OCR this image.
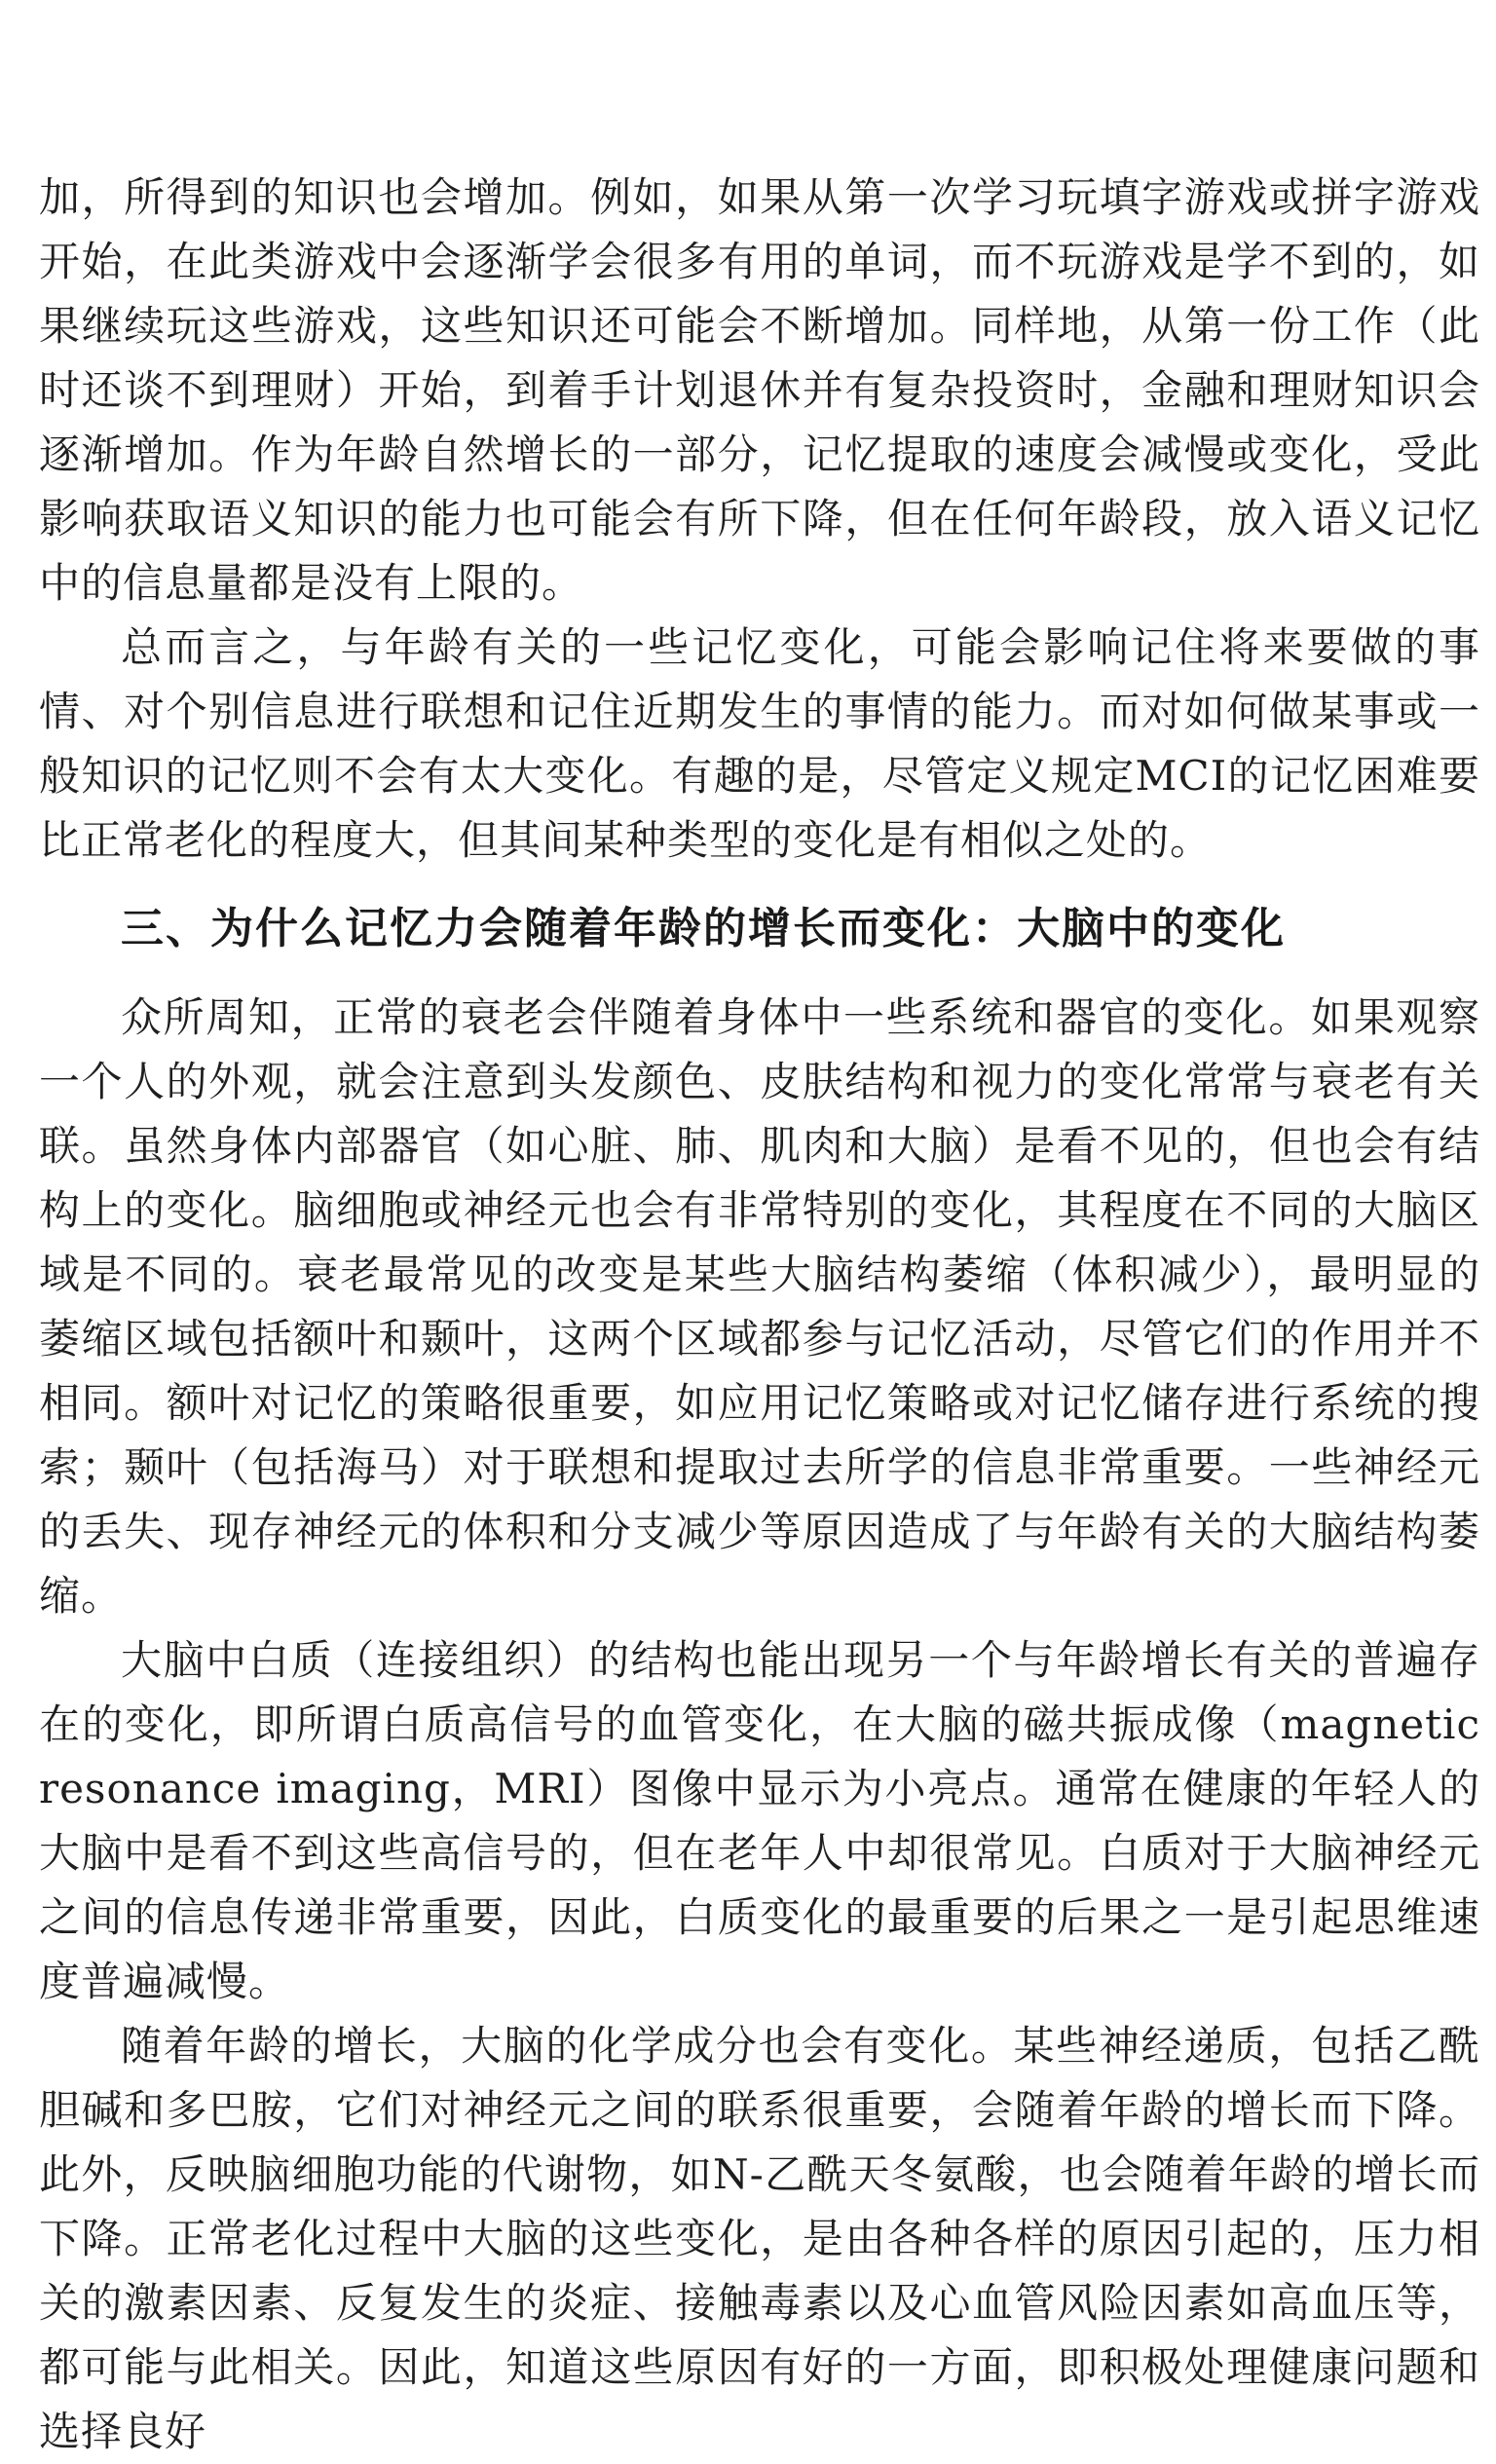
加，所得到的知识也会增加。例如，如果从第一次学习玩填字游戏或拼字游戏开始，在此类游戏中会逐渐学会很多有用的单词，而不玩游戏是学不到的，如果继续玩这些游戏，这些知识还可能会不断增加。同样地，从第一份工作（此时还谈不到理财）开始，到着手计划退休并有复杂投资时，金融和理财知识会逐渐增加。作为年龄自然增长的一部分，记忆提取的速度会减慢或变化，受此影响获取语义知识的能力也可能会有所下降，但在任何年龄段，放入语义记忆中的信息量都是没有上限的。

总而言之，与年龄有关的一些记忆变化，可能会影响记住将来要做的事情、对个别信息进行联想和记住近期发生的事情的能力。而对如何做某事或一般知识的记忆则不会有太大变化。有趣的是，尽管定义规定MCI的记忆困难要比正常老化的程度大，但其间某种类型的变化是有相似之处的。

三、为什么记忆力会随着年龄的增长而变化：大脑中的变化

众所周知，正常的衰老会伴随着身体中一些系统和器官的变化。如果观察一个人的外观，就会注意到头发颜色、皮肤结构和视力的变化常常与衰老有关联。虽然身体内部器官（如心脏、肺、肌肉和大脑）是看不见的，但也会有结构上的变化。脑细胞或神经元也会有非常特别的变化，其程度在不同的大脑区域是不同的。衰老最常见的改变是某些大脑结构萎缩（体积减少），最明显的萎缩区域包括额叶和颞叶，这两个区域都参与记忆活动，尽管它们的作用并不相同。额叶对记忆的策略很重要，如应用记忆策略或对记忆储存进行系统的搜索；颞叶（包括海马）对于联想和提取过去所学的信息非常重要。一些神经元的丢失、现存神经元的体积和分支减少等原因造成了与年龄有关的大脑结构萎缩。

大脑中白质（连接组织）的结构也能出现另一个与年龄增长有关的普遍存在的变化，即所谓白质高信号的血管变化，在大脑的磁共振成像（magnetic resonance imaging，MRI）图像中显示为小亮点。通常在健康的年轻人的大脑中是看不到这些高信号的，但在老年人中却很常见。白质对于大脑神经元之间的信息传递非常重要，因此，白质变化的最重要的后果之一是引起思维速度普遍减慢。

随着年龄的增长，大脑的化学成分也会有变化。某些神经递质，包括乙酰胆碱和多巴胺，它们对神经元之间的联系很重要，会随着年龄的增长而下降。此外，反映脑细胞功能的代谢物，如N-乙酰天冬氨酸，也会随着年龄的增长而下降。正常老化过程中大脑的这些变化，是由各种各样的原因引起的，压力相关的激素因素、反复发生的炎症、接触毒素以及心血管风险因素如高血压等，都可能与此相关。因此，知道这些原因有好的一方面，即积极处理健康问题和选择良好
